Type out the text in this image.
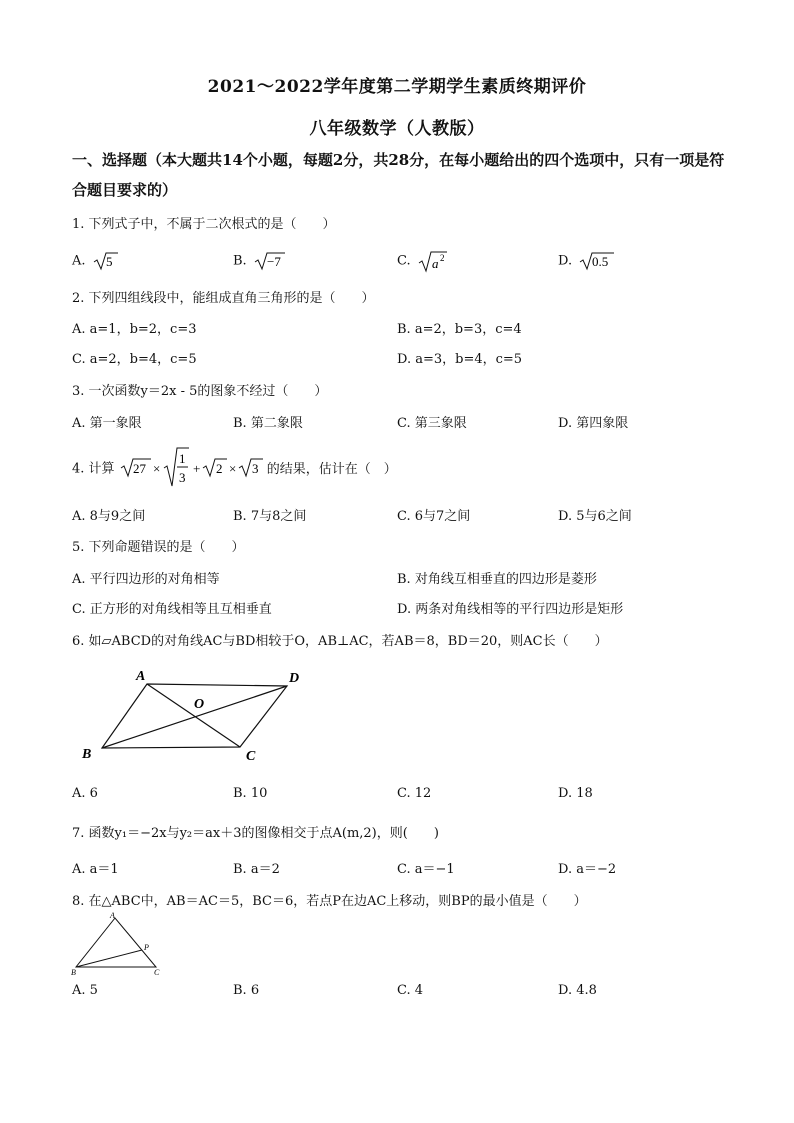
2021～2022学年度第二学期学生素质终期评价
八年级数学（人教版）
一、选择题（本大题共14个小题，每题2分，共28分，在每小题给出的四个选项中，只有一项是符合题目要求的）
1. 下列式子中，不属于二次根式的是（　　）
A. 5	B. −7	C. a 2	D. 0.5
2. 下列四组线段中，能组成直角三角形的是（　　）
A. a=1，b=2，c=3	B. a=2，b=3，c=4
C. a=2，b=4，c=5	D. a=3，b=4，c=5
3. 一次函数y＝2x - 5的图象不经过（　　）
A. 第一象限	B. 第二象限	C. 第三象限	D. 第四象限
4. 计算 27 ×
1
3
+ 2 × 3 的结果，估计在（　）
A. 8与9之间	B. 7与8之间	C. 6与7之间	D. 5与6之间
5. 下列命题错误的是（　　）
A. 平行四边形的对角相等	B. 对角线互相垂直的四边形是菱形
C. 正方形的对角线相等且互相垂直	D. 两条对角线相等的平行四边形是矩形
6. 如▱ABCD的对角线AC与BD相较于O，AB⊥AC，若AB＝8，BD＝20，则AC长（　　）
A	D
B	C
O
A. 6	B. 10	C. 12	D. 18
7. 函数y₁＝−2x与y₂＝ax＋3的图像相交于点A(m,2)，则(　　)
A. a＝1	B. a＝2	C. a＝−1	D. a＝−2
8. 在△ABC中，AB＝AC＝5，BC＝6，若点P在边AC上移动，则BP的最小值是（　　）
A
B	C
P
A. 5	B. 6	C. 4	D. 4.8
